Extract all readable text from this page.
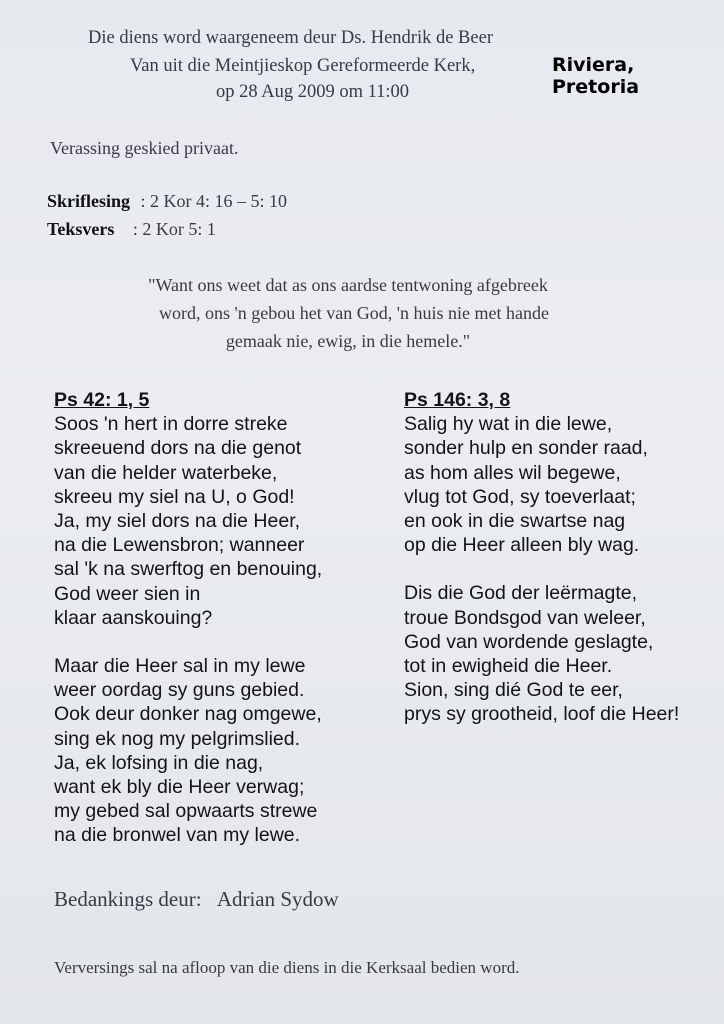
Die diens word waargeneem deur Ds. Hendrik de Beer
Van uit die Meintjieskop Gereformeerde Kerk,
op 28 Aug 2009 om 11:00
Riviera,
Pretoria
Verassing geskied privaat.
Skriflesing : 2 Kor 4: 16 – 5: 10
Teksvers : 2 Kor 5: 1
"Want ons weet dat as ons aardse tentwoning afgebreek
word, ons 'n gebou het van God, 'n huis nie met hande
gemaak nie, ewig, in die hemele."
Ps 42: 1, 5
Soos 'n hert in dorre streke
skreeuend dors na die genot
van die helder waterbeke,
skreeu my siel na U, o God!
Ja, my siel dors na die Heer,
na die Lewensbron; wanneer
sal 'k na swerftog en benouing,
God weer sien in
klaar aanskouing?
Maar die Heer sal in my lewe
weer oordag sy guns gebied.
Ook deur donker nag omgewe,
sing ek nog my pelgrimslied.
Ja, ek lofsing in die nag,
want ek bly die Heer verwag;
my gebed sal opwaarts strewe
na die bronwel van my lewe.
Ps 146: 3, 8
Salig hy wat in die lewe,
sonder hulp en sonder raad,
as hom alles wil begewe,
vlug tot God, sy toeverlaat;
en ook in die swartse nag
op die Heer alleen bly wag.
Dis die God der leërmagte,
troue Bondsgod van weleer,
God van wordende geslagte,
tot in ewigheid die Heer.
Sion, sing dié God te eer,
prys sy grootheid, loof die Heer!
Bedankings deur: Adrian Sydow
Verversings sal na afloop van die diens in die Kerksaal bedien word.
